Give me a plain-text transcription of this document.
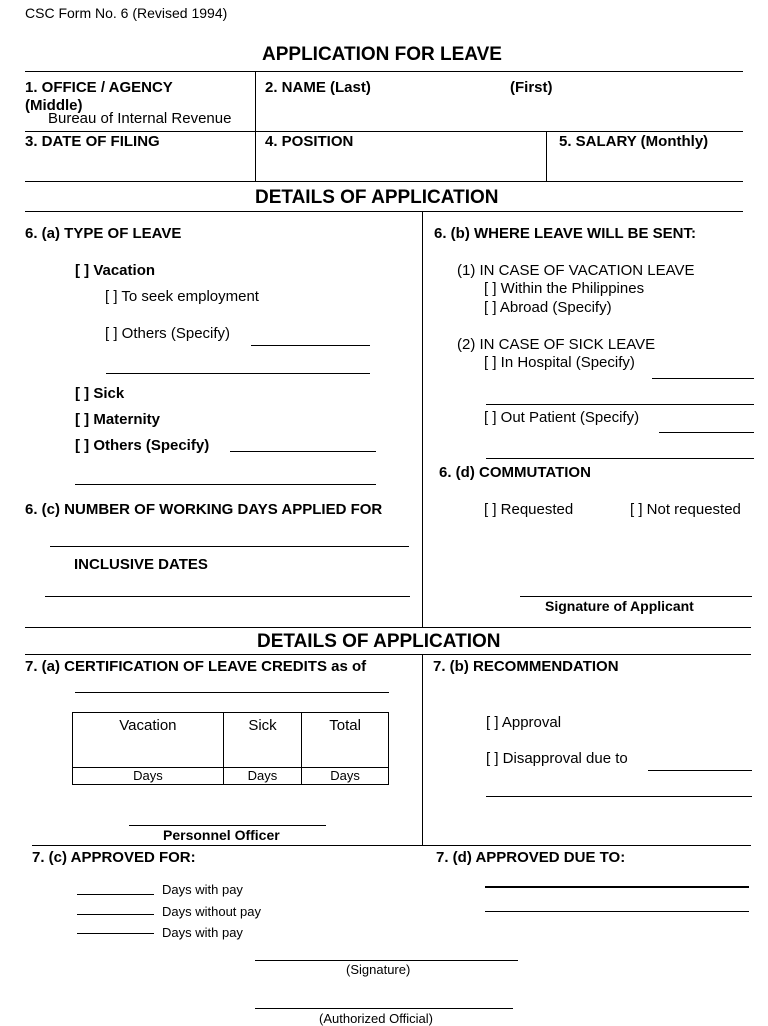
CSC Form No. 6 (Revised 1994)
APPLICATION FOR LEAVE
1. OFFICE / AGENCY
(Middle)
Bureau of Internal Revenue
2. NAME (Last)	(First)
3. DATE OF FILING	4. POSITION	5. SALARY (Monthly)
DETAILS OF APPLICATION
6. (a) TYPE OF LEAVE
[ ] Vacation
[ ] To seek employment
[ ] Others (Specify)
[ ] Sick
[ ] Maternity
[ ] Others (Specify)
6. (c) NUMBER OF WORKING DAYS APPLIED FOR
INCLUSIVE DATES
6. (b) WHERE LEAVE WILL BE SENT:
(1) IN CASE OF VACATION LEAVE
[ ] Within the Philippines
[ ] Abroad (Specify)
(2) IN CASE OF SICK LEAVE
[ ] In Hospital (Specify)
[ ] Out Patient (Specify)
6. (d) COMMUTATION
[ ] Requested	[ ] Not requested
Signature of Applicant
DETAILS OF APPLICATION
7. (a) CERTIFICATION OF LEAVE CREDITS as of
Vacation	Sick	Total
Days	Days	Days
Personnel Officer
7. (b) RECOMMENDATION
[ ] Approval
[ ] Disapproval due to
7. (c) APPROVED FOR:
Days with pay
Days without pay
Days with pay
7. (d) APPROVED DUE TO:
(Signature)
(Authorized Official)
